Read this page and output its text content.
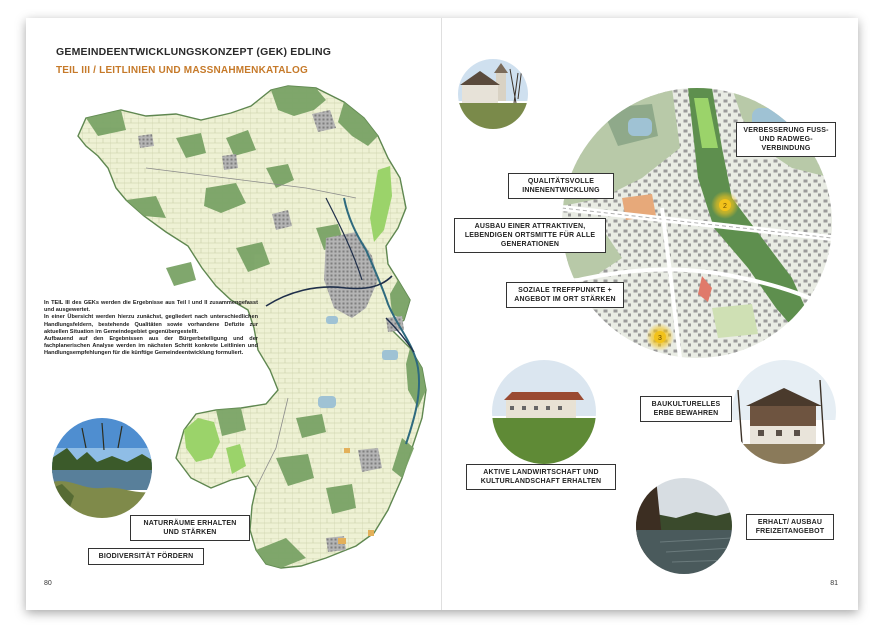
GEMEINDEENTWICKLUNGSKONZEPT (GEK) EDLING
TEIL III / LEITLINIEN UND MASSNAHMENKATALOG

In TEIL III des GEKs werden die Ergebnisse aus Teil I und II zusammengefasst und ausgewertet.

In einer Übersicht werden hierzu zunächst, gegliedert nach unterschiedlichen Handlungsfeldern, bestehende Qualitäten sowie vorhandene Defizite zur aktuellen Situation im Gemeindegebiet gegenübergestellt.

Aufbauend auf den Ergebnissen aus der Bürgerbeteiligung und der fachplanerischen Analyse werden im nächsten Schritt konkrete Leitlinien und Handlungsempfehlungen für die künftige Gemeindeentwicklung formuliert.

NATURRÄUME ERHALTEN UND STÄRKEN
BIODIVERSITÄT FÖRDERN
80
2
3
VERBESSERUNG FUSS- UND RADWEG-VERBINDUNG
QUALITÄTSVOLLE INNENENTWICKLUNG
AUSBAU EINER ATTRAKTIVEN, LEBENDIGEN ORTSMITTE FÜR ALLE GENERATIONEN
SOZIALE TREFFPUNKTE + ANGEBOT IM ORT STÄRKEN
AKTIVE LANDWIRTSCHAFT UND KULTURLANDSCHAFT ERHALTEN
BAUKULTURELLES ERBE BEWAHREN
ERHALT/ AUSBAU FREIZEITANGEBOT
81
